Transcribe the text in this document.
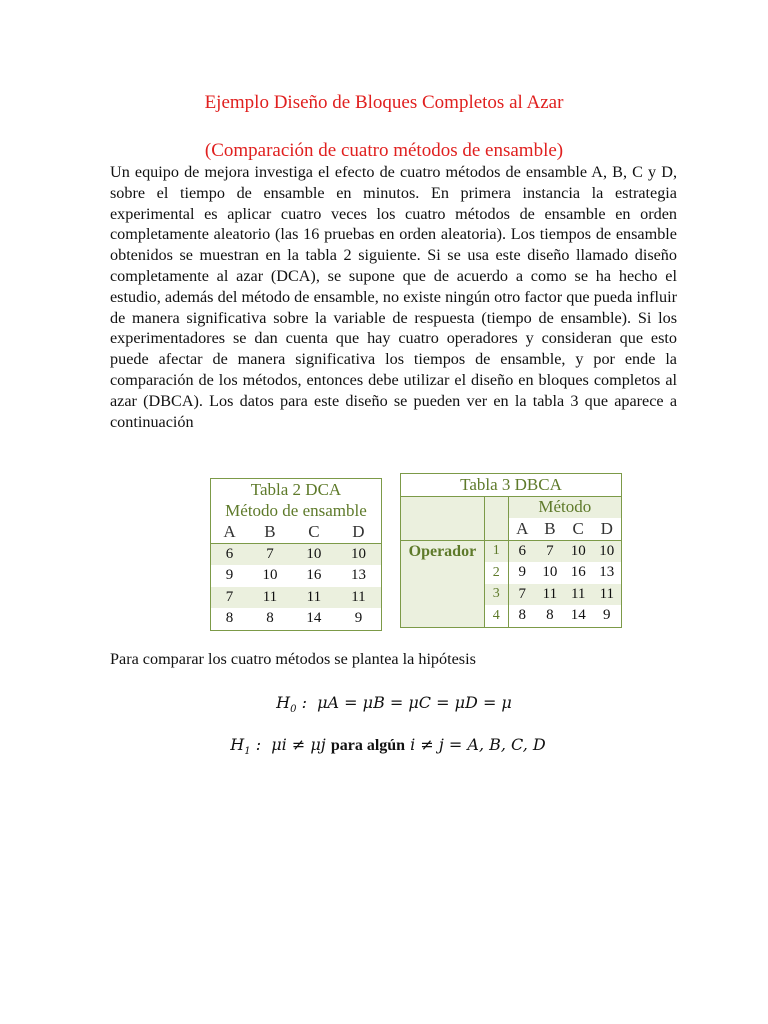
Ejemplo Diseño de Bloques Completos al Azar
(Comparación de cuatro métodos de ensamble)
Un equipo de mejora investiga el efecto de cuatro métodos de ensamble A, B, C y D, sobre el tiempo de ensamble en minutos. En primera instancia la estrategia experimental es aplicar cuatro veces los cuatro métodos de ensamble en orden completamente aleatorio (las 16 pruebas en orden aleatoria). Los tiempos de ensamble obtenidos se muestran en la tabla 2 siguiente. Si se usa este diseño llamado diseño completamente al azar (DCA), se supone que de acuerdo a como se ha hecho el estudio, además del método de ensamble, no existe ningún otro factor que pueda influir de manera significativa sobre la variable de respuesta (tiempo de ensamble). Si los experimentadores se dan cuenta que hay cuatro operadores y consideran que esto puede afectar de manera significativa los tiempos de ensamble, y por ende la comparación de los métodos, entonces debe utilizar el diseño en bloques completos al azar (DBCA). Los datos para este diseño se pueden ver en la tabla 3 que aparece a continuación
Tabla 2 DCA			
Método de ensamble			
A	B	C	D
6	7	10	10
9	10	16	13
7	11	11	11
8	8	14	9
Tabla 3 DBCA					
		Método			
		A	B	C	D
Operador	1	6	7	10	10
	2	9	10	16	13
	3	7	11	11	11
	4	8	8	14	9
Para comparar los cuatro métodos se plantea la hipótesis
$H_0$ :  μA = μB = μC = μD = μ
$H_1$ :  μi ≠ μj para algún i ≠ j = A, B, C, D
